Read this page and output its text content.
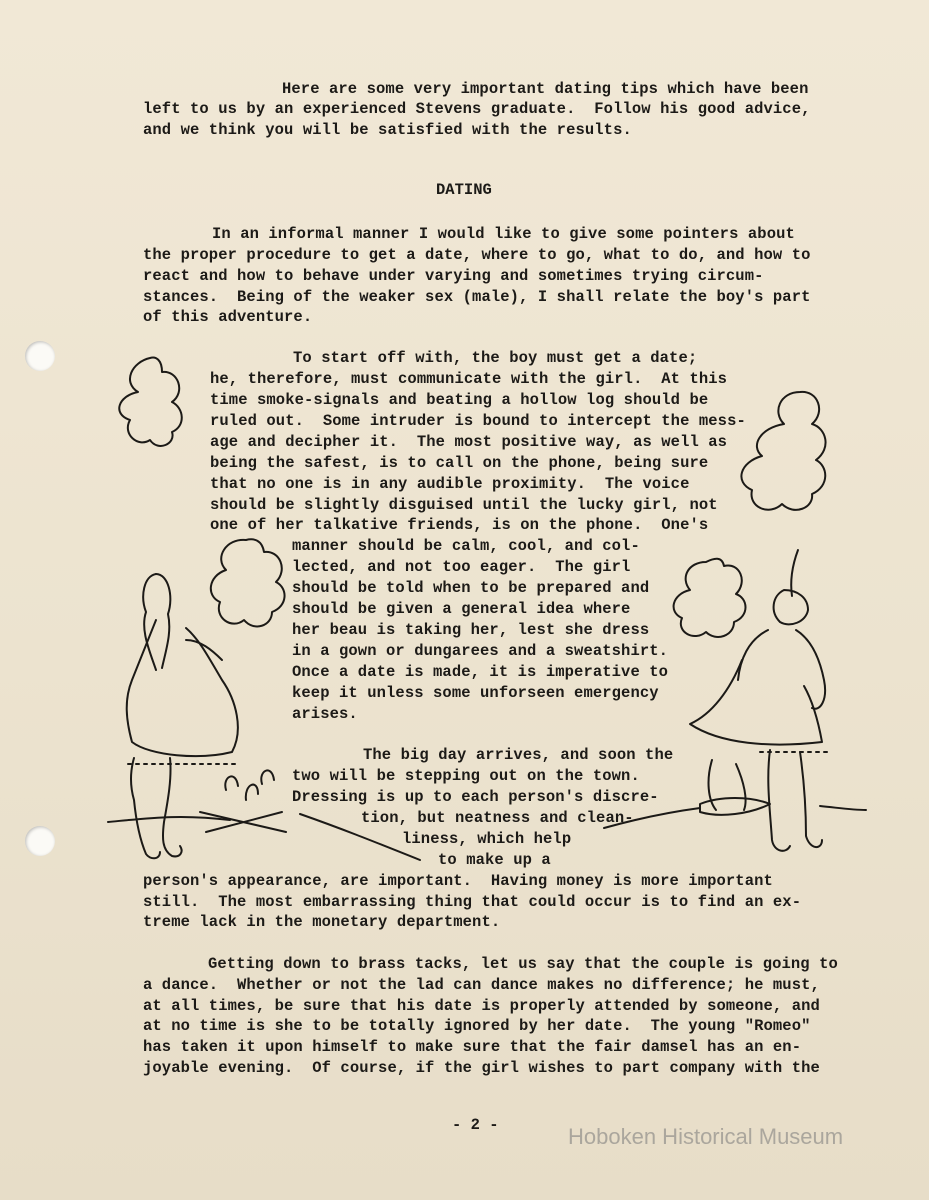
Here are some very important dating tips which have been
left to us by an experienced Stevens graduate.  Follow his good advice,
and we think you will be satisfied with the results.
DATING
In an informal manner I would like to give some pointers about
the proper procedure to get a date, where to go, what to do, and how to
react and how to behave under varying and sometimes trying circum-
stances.  Being of the weaker sex (male), I shall relate the boy's part
of this adventure.
To start off with, the boy must get a date;
he, therefore, must communicate with the girl.  At this
time smoke-signals and beating a hollow log should be
ruled out.  Some intruder is bound to intercept the mess-
age and decipher it.  The most positive way, as well as
being the safest, is to call on the phone, being sure
that no one is in any audible proximity.  The voice
should be slightly disguised until the lucky girl, not
one of her talkative friends, is on the phone.  One's
manner should be calm, cool, and col-
lected, and not too eager.  The girl
should be told when to be prepared and
should be given a general idea where
her beau is taking her, lest she dress
in a gown or dungarees and a sweatshirt.
Once a date is made, it is imperative to
keep it unless some unforseen emergency
arises.
The big day arrives, and soon the
two will be stepping out on the town.
Dressing is up to each person's discre-
tion, but neatness and clean-
liness, which help
to make up a
person's appearance, are important.  Having money is more important
still.  The most embarrassing thing that could occur is to find an ex-
treme lack in the monetary department.
Getting down to brass tacks, let us say that the couple is going to
a dance.  Whether or not the lad can dance makes no difference; he must,
at all times, be sure that his date is properly attended by someone, and
at no time is she to be totally ignored by her date.  The young "Romeo"
has taken it upon himself to make sure that the fair damsel has an en-
joyable evening.  Of course, if the girl wishes to part company with the
- 2 -	Hoboken Historical Museum
